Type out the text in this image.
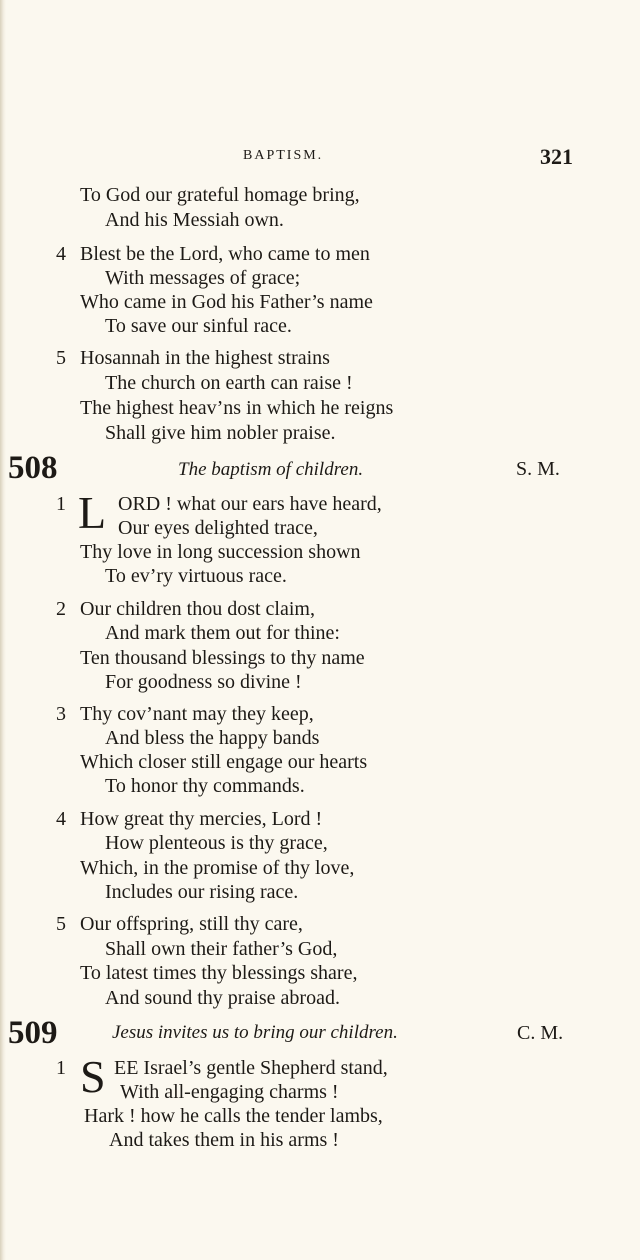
BAPTISM.	321
To God our grateful homage bring,
And his Messiah own.
4 Blest be the Lord, who came to men
With messages of grace;
Who came in God his Father’s name
To save our sinful race.
5 Hosannah in the highest strains
The church on earth can raise !
The highest heav’ns in which he reigns
Shall give him nobler praise.
508	The baptism of children.	S. M.
1 L ORD ! what our ears have heard,
Our eyes delighted trace,
Thy love in long succession shown
To ev’ry virtuous race.
2 Our children thou dost claim,
And mark them out for thine:
Ten thousand blessings to thy name
For goodness so divine !
3 Thy cov’nant may they keep,
And bless the happy bands
Which closer still engage our hearts
To honor thy commands.
4 How great thy mercies, Lord !
How plenteous is thy grace,
Which, in the promise of thy love,
Includes our rising race.
5 Our offspring, still thy care,
Shall own their father’s God,
To latest times thy blessings share,
And sound thy praise abroad.
509	Jesus invites us to bring our children.	C. M.
1 S EE Israel’s gentle Shepherd stand,
With all-engaging charms !
Hark ! how he calls the tender lambs,
And takes them in his arms !
